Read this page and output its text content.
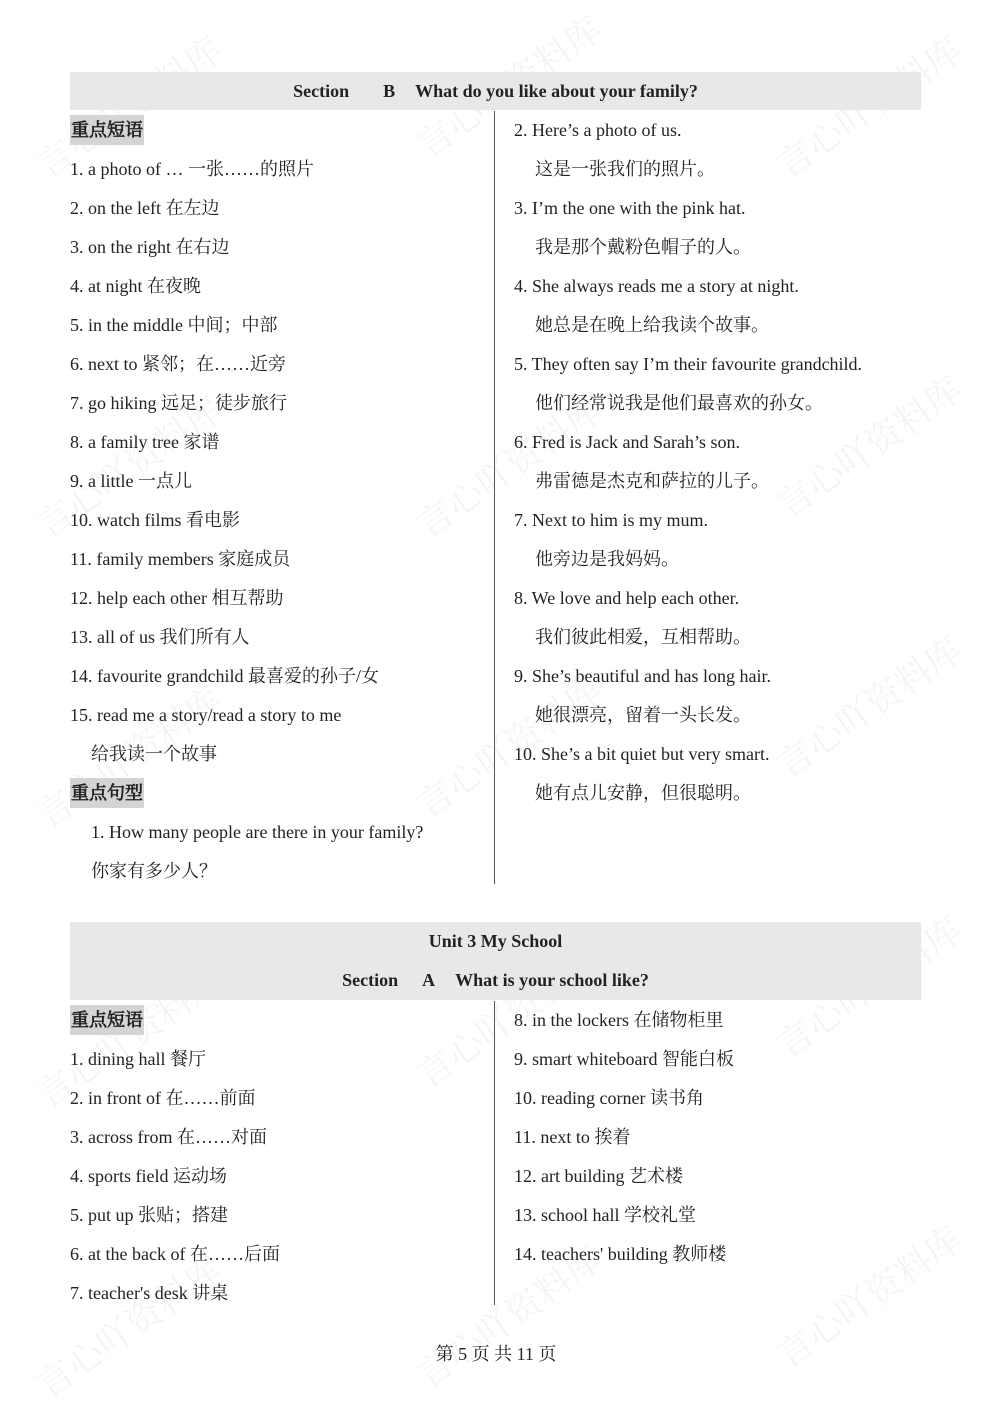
Section B What do you like about your family?
重点短语
1. a photo of … 一张……的照片
2. on the left 在左边
3. on the right 在右边
4. at night 在夜晚
5. in the middle 中间；中部
6. next to 紧邻；在……近旁
7. go hiking 远足；徒步旅行
8. a family tree 家谱
9. a little 一点儿
10. watch films 看电影
11. family members 家庭成员
12. help each other 相互帮助
13. all of us 我们所有人
14. favourite grandchild 最喜爱的孙子/女
15. read me a story/read a story to me
给我读一个故事
重点句型
1. How many people are there in your family?
你家有多少人？
2. Here’s a photo of us.
这是一张我们的照片。
3. I’m the one with the pink hat.
我是那个戴粉色帽子的人。
4. She always reads me a story at night.
她总是在晚上给我读个故事。
5. They often say I’m their favourite grandchild.
他们经常说我是他们最喜欢的孙女。
6. Fred is Jack and Sarah’s son.
弗雷德是杰克和萨拉的儿子。
7. Next to him is my mum.
他旁边是我妈妈。
8. We love and help each other.
我们彼此相爱，互相帮助。
9. She’s beautiful and has long hair.
她很漂亮，留着一头长发。
10. She’s a bit quiet but very smart.
她有点儿安静，但很聪明。
Unit 3 My School
Section A What is your school like?
重点短语
1. dining hall 餐厅
2. in front of 在……前面
3. across from 在……对面
4. sports field 运动场
5. put up 张贴；搭建
6. at the back of 在……后面
7. teacher's desk 讲桌
8. in the lockers 在储物柜里
9. smart whiteboard 智能白板
10. reading corner 读书角
11. next to 挨着
12. art building 艺术楼
13. school hall 学校礼堂
14. teachers' building 教师楼
第 5 页 共 11 页
